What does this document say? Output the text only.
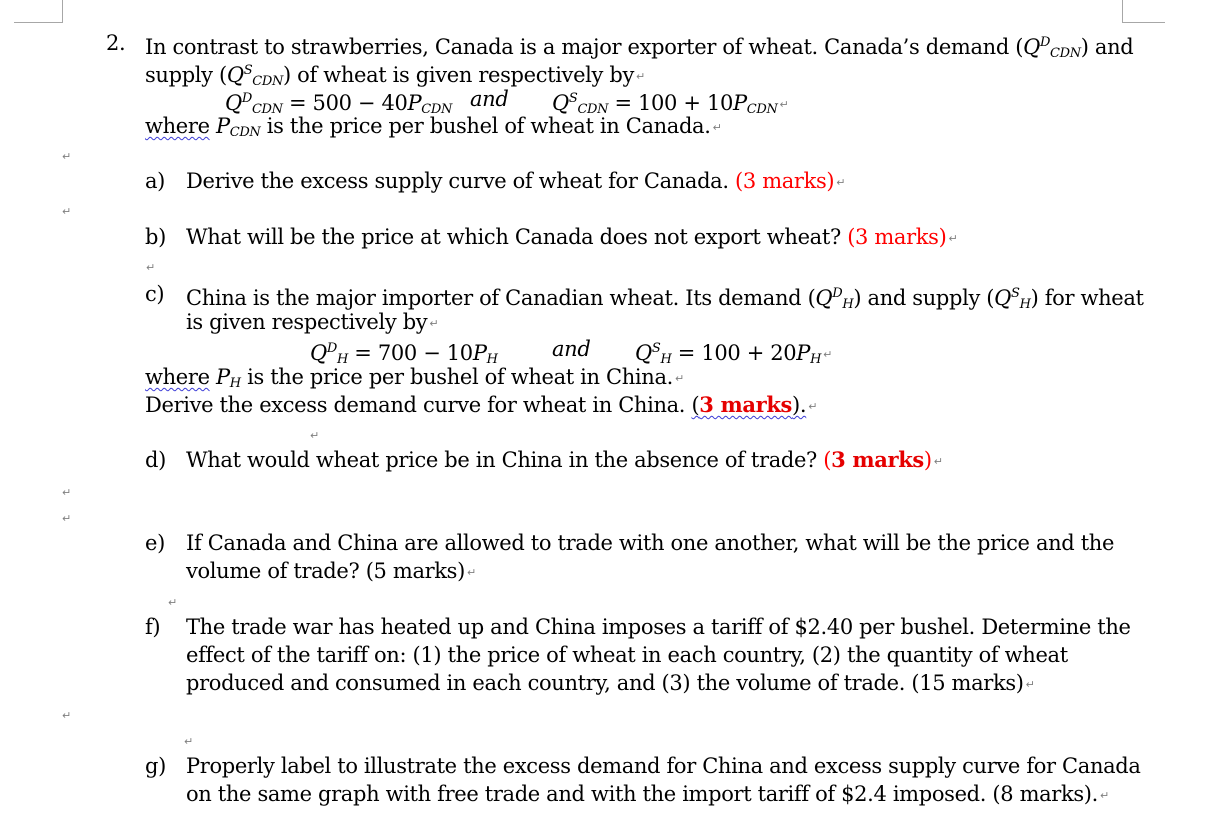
2. In contrast to strawberries, Canada is a major exporter of wheat. Canada’s demand $(Q^D_{CDN})$ and
supply $(Q^S_{CDN})$ of wheat is given respectively by ↵
$Q^D_{CDN} = 500 - 40P_{CDN}$ and $Q^S_{CDN} = 100 + 10P_{CDN}$ ↵
where $P_{CDN}$ is the price per bushel of wheat in Canada. ↵
↵
↵
↵
↵
↵
a) Derive the excess supply curve of wheat for Canada. (3 marks) ↵
b) What will be the price at which Canada does not export wheat? (3 marks) ↵
↵
c) China is the major importer of Canadian wheat. Its demand $(Q^D_H)$ and supply $(Q^S_H)$ for wheat
is given respectively by ↵
$Q^D_H = 700 - 10P_H$	and $Q^S_H = 100 + 20P_H$ ↵
where $P_H$ is the price per bushel of wheat in China. ↵
Derive the excess demand curve for wheat in China. (3 marks). ↵
↵
d) What would wheat price be in China in the absence of trade? (3 marks) ↵
e) If Canada and China are allowed to trade with one another, what will be the price and the
volume of trade? (5 marks) ↵
↵
f) The trade war has heated up and China imposes a tariff of $2.40 per bushel. Determine the
effect of the tariff on: (1) the price of wheat in each country, (2) the quantity of wheat
produced and consumed in each country, and (3) the volume of trade. (15 marks) ↵
↵
g) Properly label to illustrate the excess demand for China and excess supply curve for Canada
on the same graph with free trade and with the import tariff of $2.4 imposed. (8 marks). ↵
